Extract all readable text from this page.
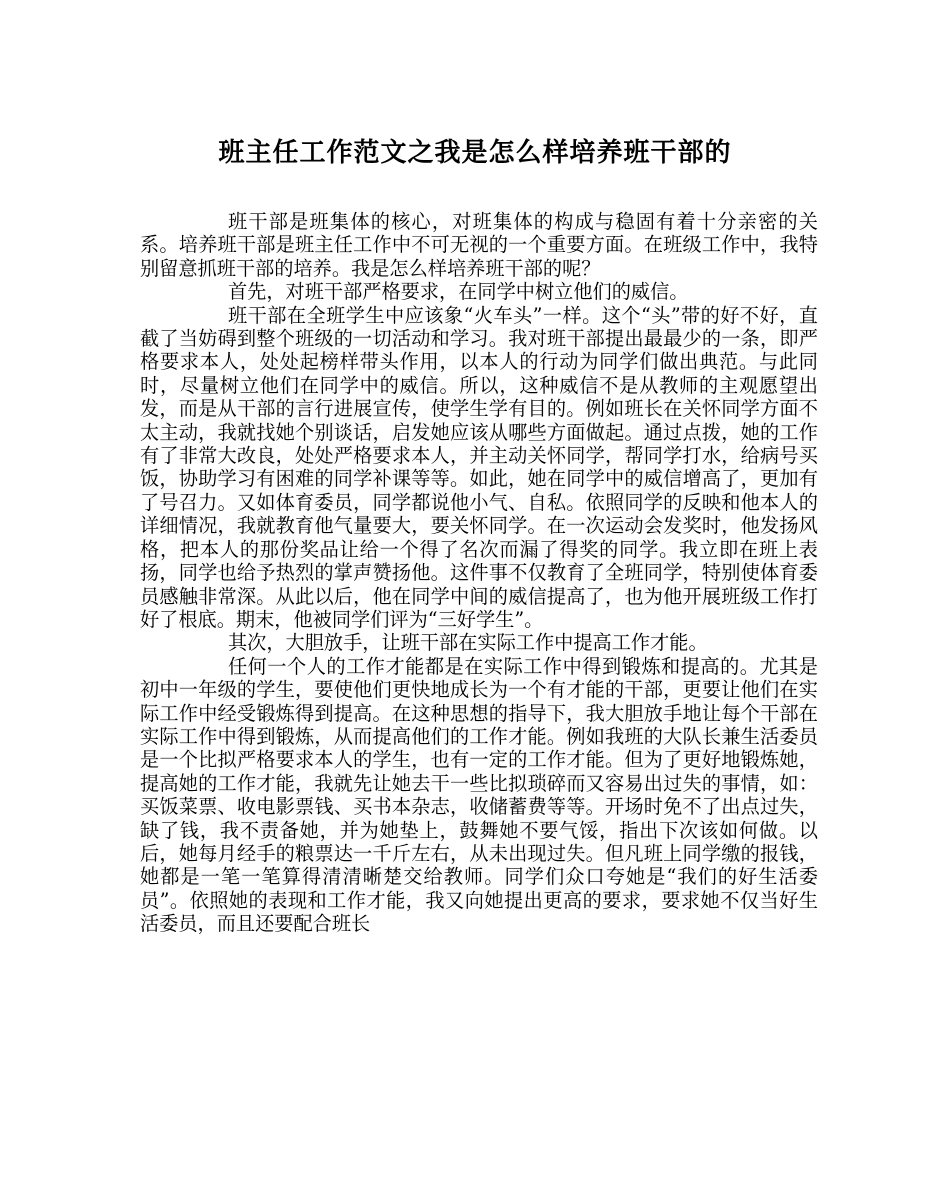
班主任工作范文之我是怎么样培养班干部的

班干部是班集体的核心，对班集体的构成与稳固有着十分亲密的关系。培养班干部是班主任工作中不可无视的一个重要方面。在班级工作中，我特别留意抓班干部的培养。我是怎么样培养班干部的呢？

首先，对班干部严格要求，在同学中树立他们的威信。

班干部在全班学生中应该象“火车头”一样。这个“头”带的好不好，直截了当妨碍到整个班级的一切活动和学习。我对班干部提出最最少的一条，即严格要求本人，处处起榜样带头作用，以本人的行动为同学们做出典范。与此同时，尽量树立他们在同学中的威信。所以，这种威信不是从教师的主观愿望出发，而是从干部的言行进展宣传，使学生学有目的。例如班长在关怀同学方面不太主动，我就找她个别谈话，启发她应该从哪些方面做起。通过点拨，她的工作有了非常大改良，处处严格要求本人，并主动关怀同学，帮同学打水，给病号买饭，协助学习有困难的同学补课等等。如此，她在同学中的威信增高了，更加有了号召力。又如体育委员，同学都说他小气、自私。依照同学的反映和他本人的详细情况，我就教育他气量要大，要关怀同学。在一次运动会发奖时，他发扬风格，把本人的那份奖品让给一个得了名次而漏了得奖的同学。我立即在班上表扬，同学也给予热烈的掌声赞扬他。这件事不仅教育了全班同学，特别使体育委员感触非常深。从此以后，他在同学中间的威信提高了，也为他开展班级工作打好了根底。期末，他被同学们评为“三好学生”。

其次，大胆放手，让班干部在实际工作中提高工作才能。

任何一个人的工作才能都是在实际工作中得到锻炼和提高的。尤其是初中一年级的学生，要使他们更快地成长为一个有才能的干部，更要让他们在实际工作中经受锻炼得到提高。在这种思想的指导下，我大胆放手地让每个干部在实际工作中得到锻炼，从而提高他们的工作才能。例如我班的大队长兼生活委员是一个比拟严格要求本人的学生，也有一定的工作才能。但为了更好地锻炼她，提高她的工作才能，我就先让她去干一些比拟琐碎而又容易出过失的事情，如：买饭菜票、收电影票钱、买书本杂志，收储蓄费等等。开场时免不了出点过失，缺了钱，我不责备她，并为她垫上，鼓舞她不要气馁，指出下次该如何做。以后，她每月经手的粮票达一千斤左右，从未出现过失。但凡班上同学缴的报钱，她都是一笔一笔算得清清晰楚交给教师。同学们众口夸她是“我们的好生活委员”。依照她的表现和工作才能，我又向她提出更高的要求，要求她不仅当好生活委员，而且还要配合班长
